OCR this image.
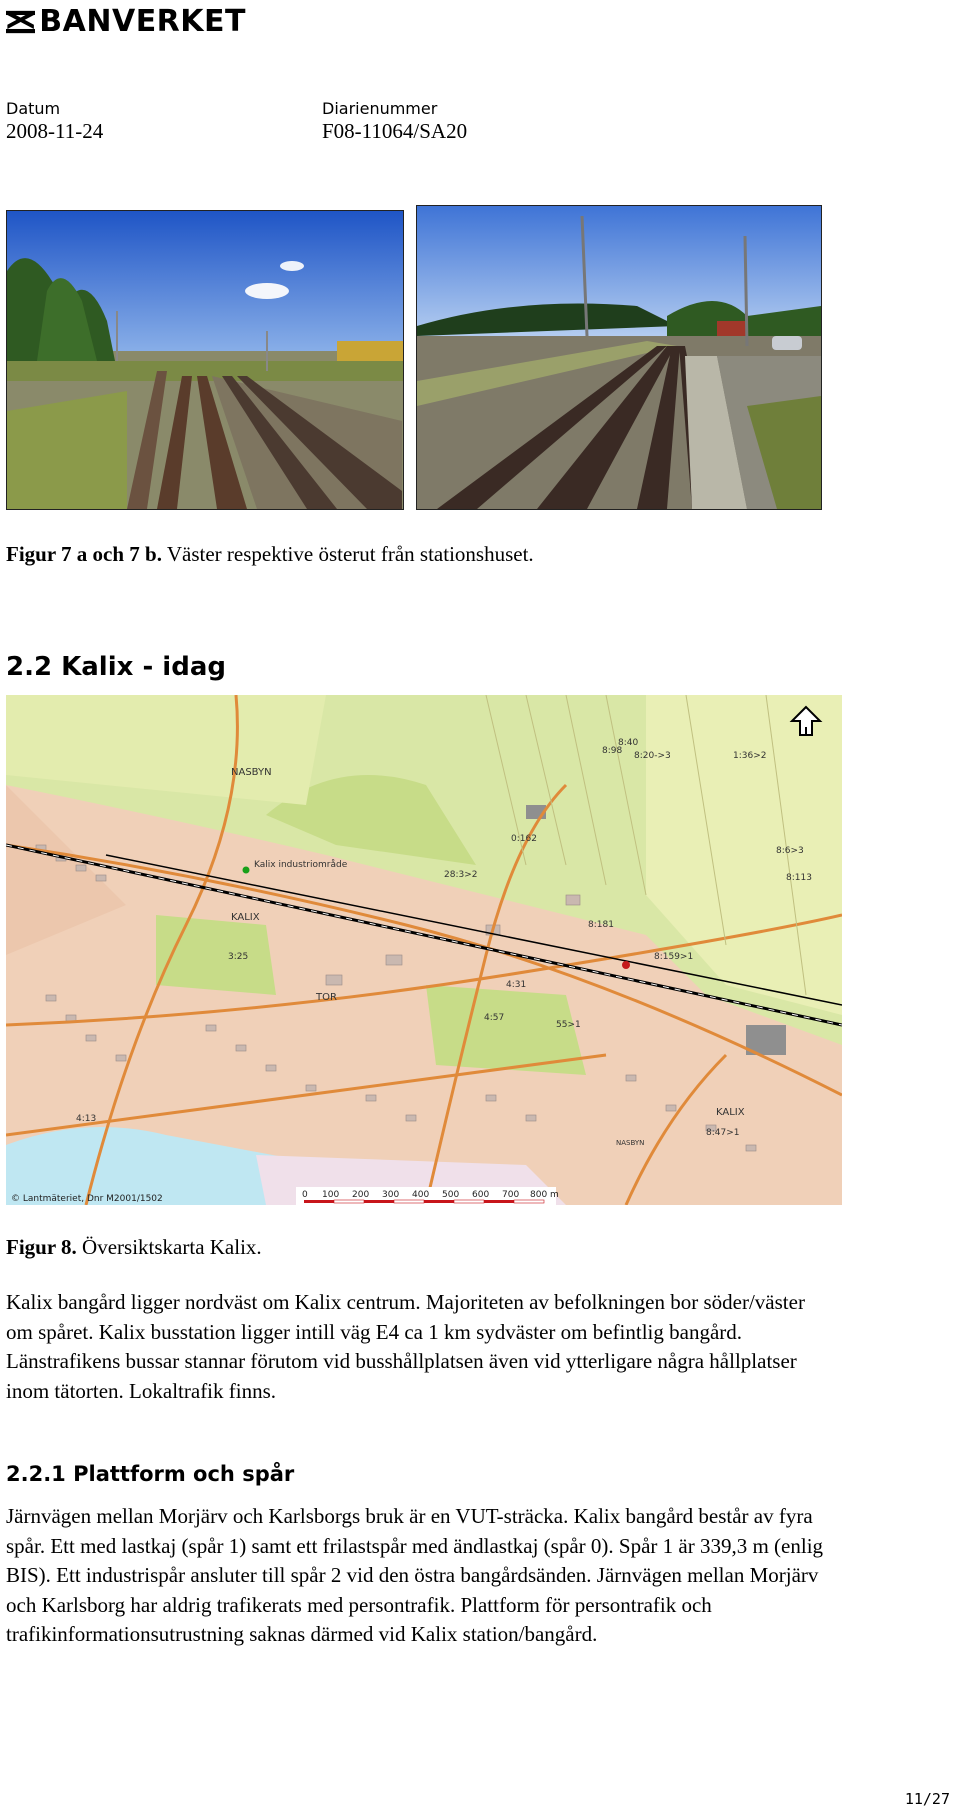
BANVERKET
Datum
2008-11-24
Diarienummer
F08-11064/SA20
Figur 7 a och 7 b. Väster respektive österut från stationshuset.
2.2 Kalix - idag
NASBYN
KALIX
TOR
KALIX
NASBYN
Kalix industriområde
8:40
8:98 8:20->3	1:36>2
0:162
28:3>2
8:6>3
8:113
8:181
8:159>1
4:31
4:57
55>1
3:25
4:13
8:47>1
© Lantmäteriet, Dnr M2001/1502	0 100 200 300 400 500 600 700 800 m
Figur 8. Översiktskarta Kalix.
Kalix bangård ligger nordväst om Kalix centrum. Majoriteten av befolkningen bor söder/väster om spåret. Kalix busstation ligger intill väg E4 ca 1 km sydväster om befintlig bangård. Länstrafikens bussar stannar förutom vid busshållplatsen även vid ytterligare några hållplatser inom tätorten. Lokaltrafik finns.
2.2.1 Plattform och spår
Järnvägen mellan Morjärv och Karlsborgs bruk är en VUT-sträcka. Kalix bangård består av fyra spår. Ett med lastkaj (spår 1) samt ett frilastspår med ändlastkaj (spår 0). Spår 1 är 339,3 m (enlig BIS). Ett industrispår ansluter till spår 2 vid den östra bangårdsänden. Järnvägen mellan Morjärv och Karlsborg har aldrig trafikerats med persontrafik. Plattform för persontrafik och trafikinformationsutrustning saknas därmed vid Kalix station/bangård.
11/27
